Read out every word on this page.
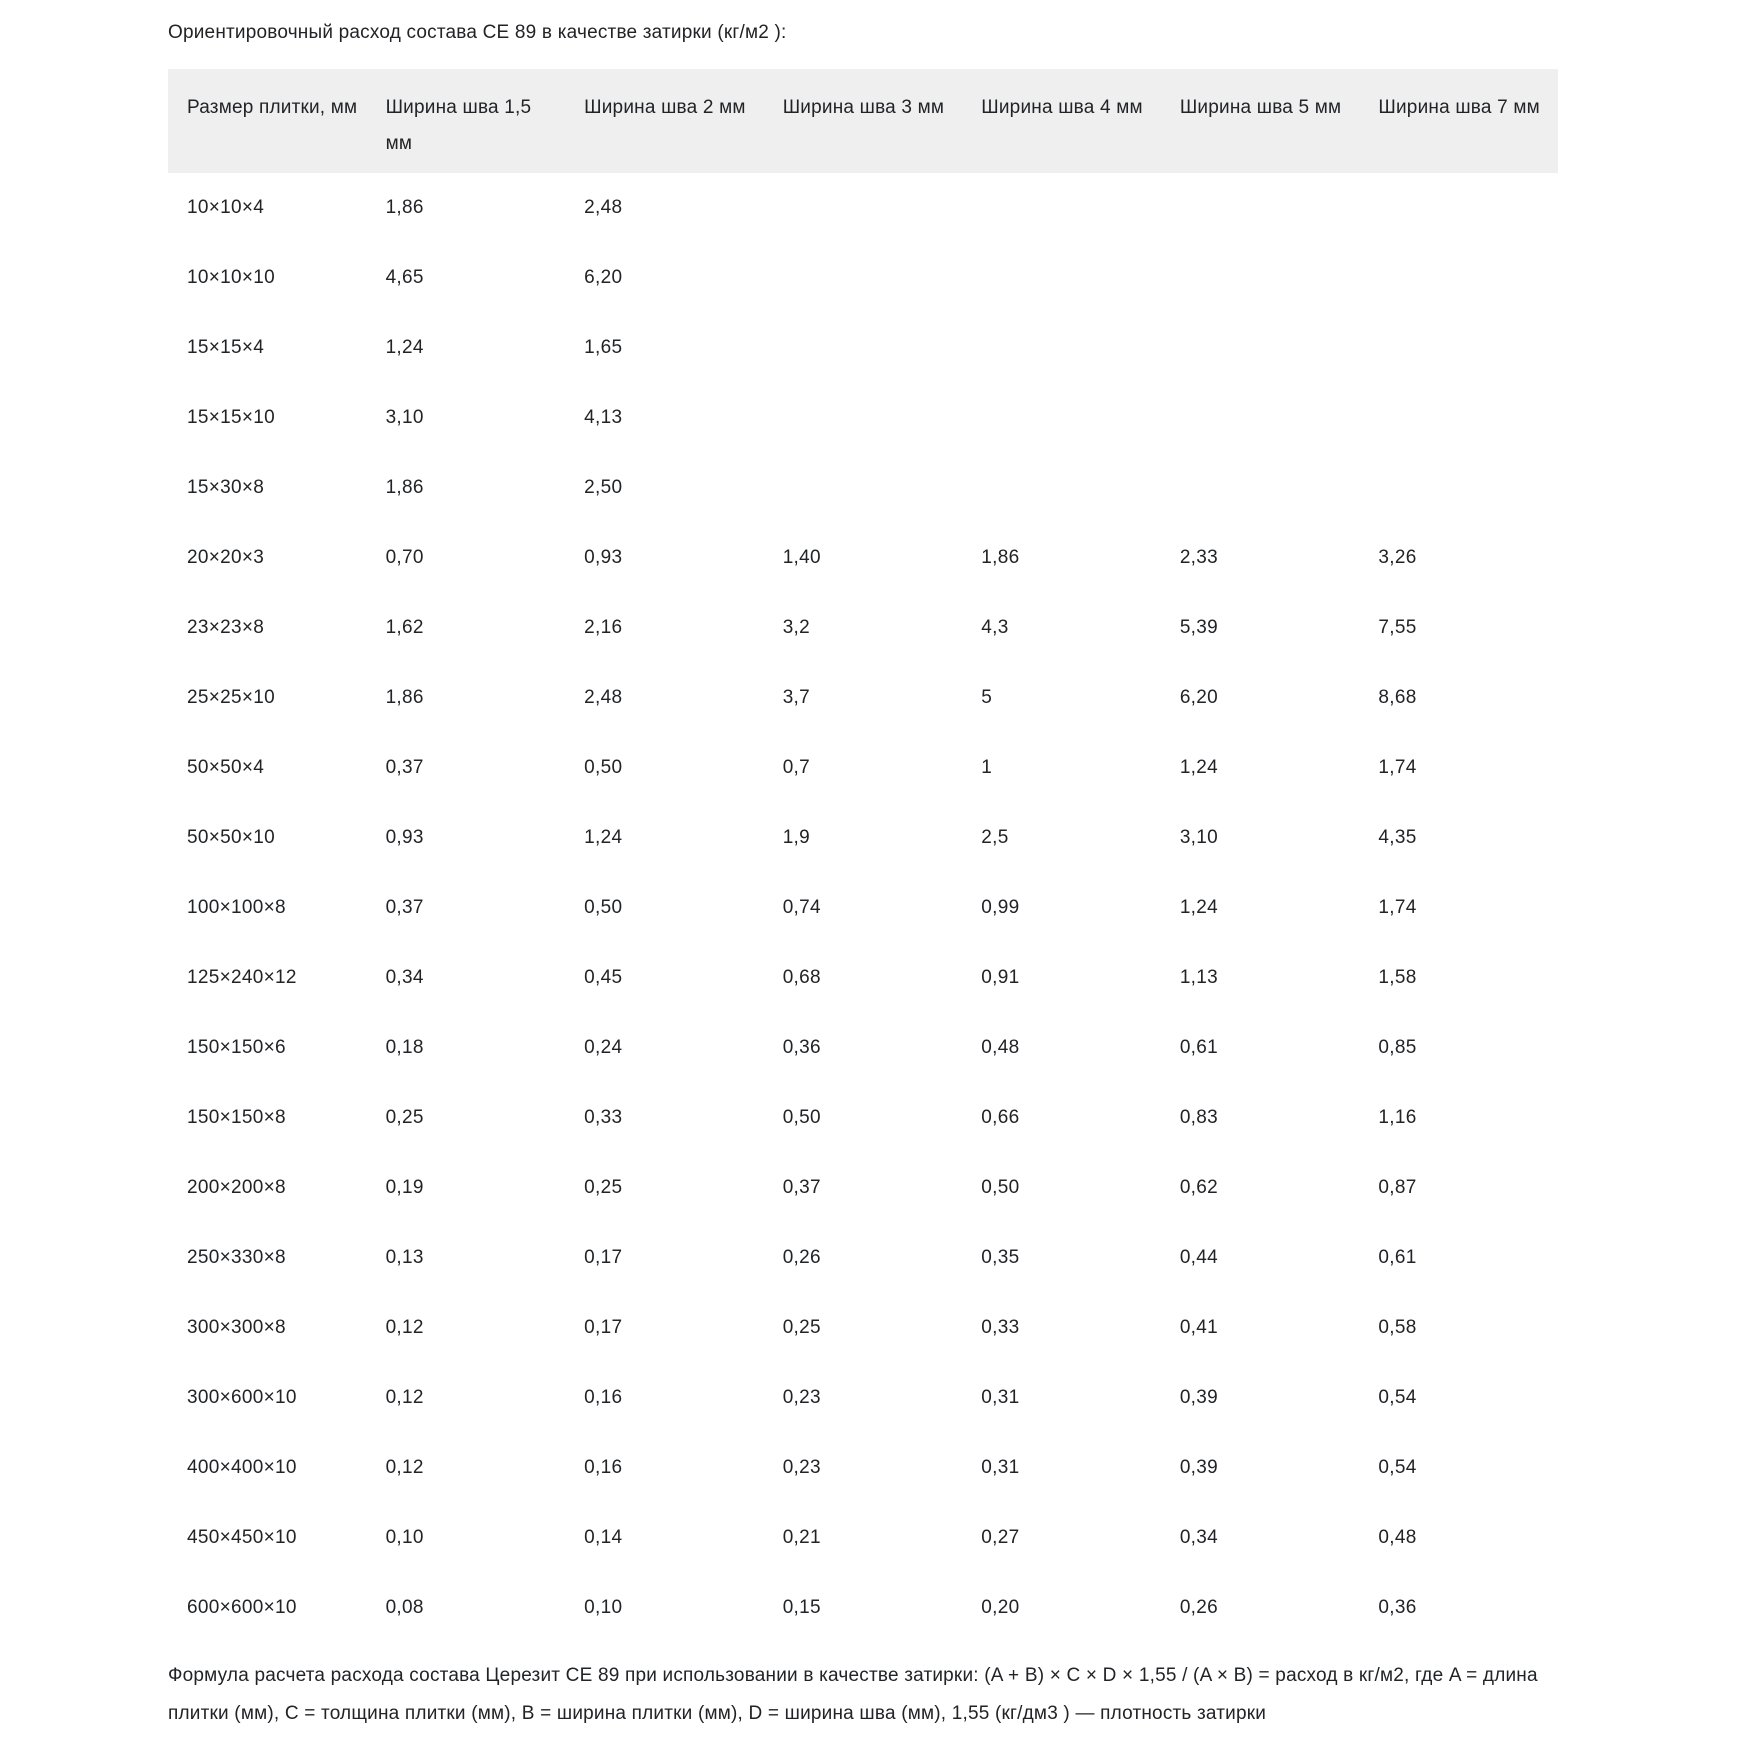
Ориентировочный расход состава CE 89 в качестве затирки (кг/м2 ):

Размер плитки, мм	Ширина шва 1,5
мм	Ширина шва 2 мм	Ширина шва 3 мм	Ширина шва 4 мм	Ширина шва 5 мм	Ширина шва 7 мм

10×10×4	1,86	2,48				
10×10×10	4,65	6,20				
15×15×4	1,24	1,65				
15×15×10	3,10	4,13				
15×30×8	1,86	2,50				
20×20×3	0,70	0,93	1,40	1,86	2,33	3,26
23×23×8	1,62	2,16	3,2	4,3	5,39	7,55
25×25×10	1,86	2,48	3,7	5	6,20	8,68
50×50×4	0,37	0,50	0,7	1	1,24	1,74
50×50×10	0,93	1,24	1,9	2,5	3,10	4,35
100×100×8	0,37	0,50	0,74	0,99	1,24	1,74
125×240×12	0,34	0,45	0,68	0,91	1,13	1,58
150×150×6	0,18	0,24	0,36	0,48	0,61	0,85
150×150×8	0,25	0,33	0,50	0,66	0,83	1,16
200×200×8	0,19	0,25	0,37	0,50	0,62	0,87
250×330×8	0,13	0,17	0,26	0,35	0,44	0,61
300×300×8	0,12	0,17	0,25	0,33	0,41	0,58
300×600×10	0,12	0,16	0,23	0,31	0,39	0,54
400×400×10	0,12	0,16	0,23	0,31	0,39	0,54
450×450×10	0,10	0,14	0,21	0,27	0,34	0,48
600×600×10	0,08	0,10	0,15	0,20	0,26	0,36

Формула расчета расхода состава Церезит CE 89 при использовании в качестве затирки: (A + B) × C × D × 1,55 / (A × B) = расход в кг/м2, где A = длина плитки (мм), C = толщина плитки (мм), B = ширина плитки (мм), D = ширина шва (мм), 1,55 (кг/дм3 ) — плотность затирки
